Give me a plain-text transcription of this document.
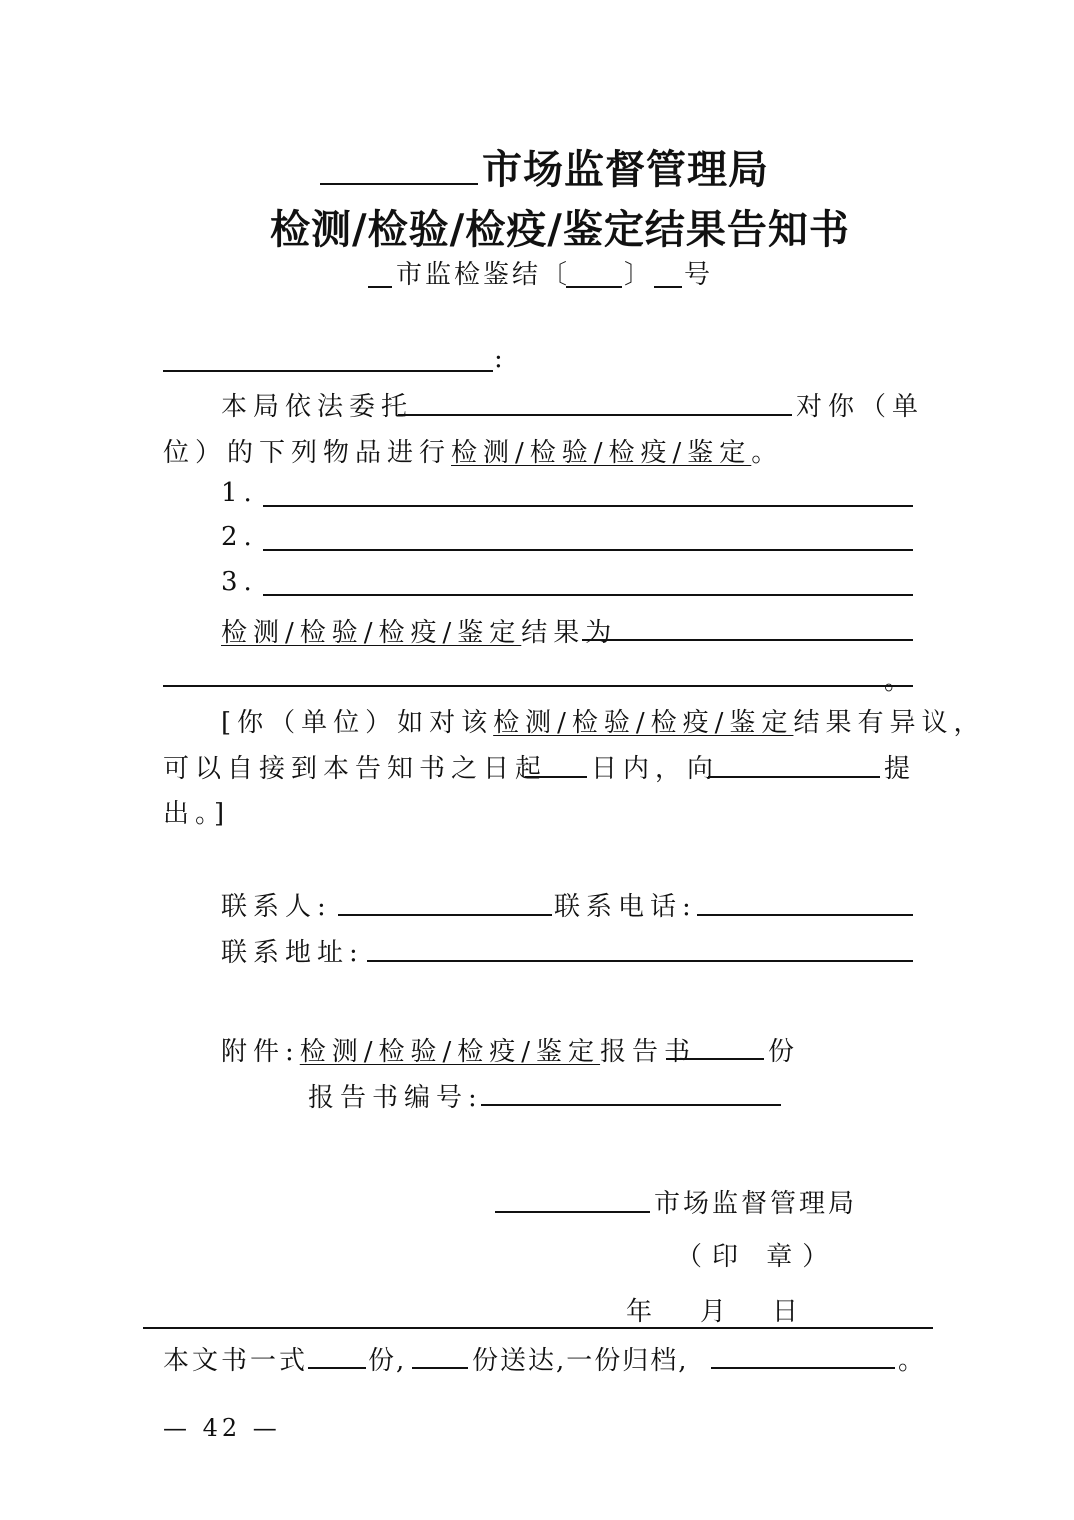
市场监督管理局
检测/检验/检疫/鉴定结果告知书
市监检鉴结〔 〕 号
:
本局依法委托	对你（单
位）的下列物品进行检测/检验/检疫/鉴定。
1.
2.
3.
检测/检验/检疫/鉴定结果为
。
[你（单位）如对该检测/检验/检疫/鉴定结果有异议，
可以自接到本告知书之日起 日内，向	提
出。]
联系人:	联系电话:
联系地址:
附件:检测/检验/检疫/鉴定报告书	份
报告书编号:
市场监督管理局
（印 章）
年 月 日
本文书一式 份,	份送达,一份归档,	。
— 42 —
